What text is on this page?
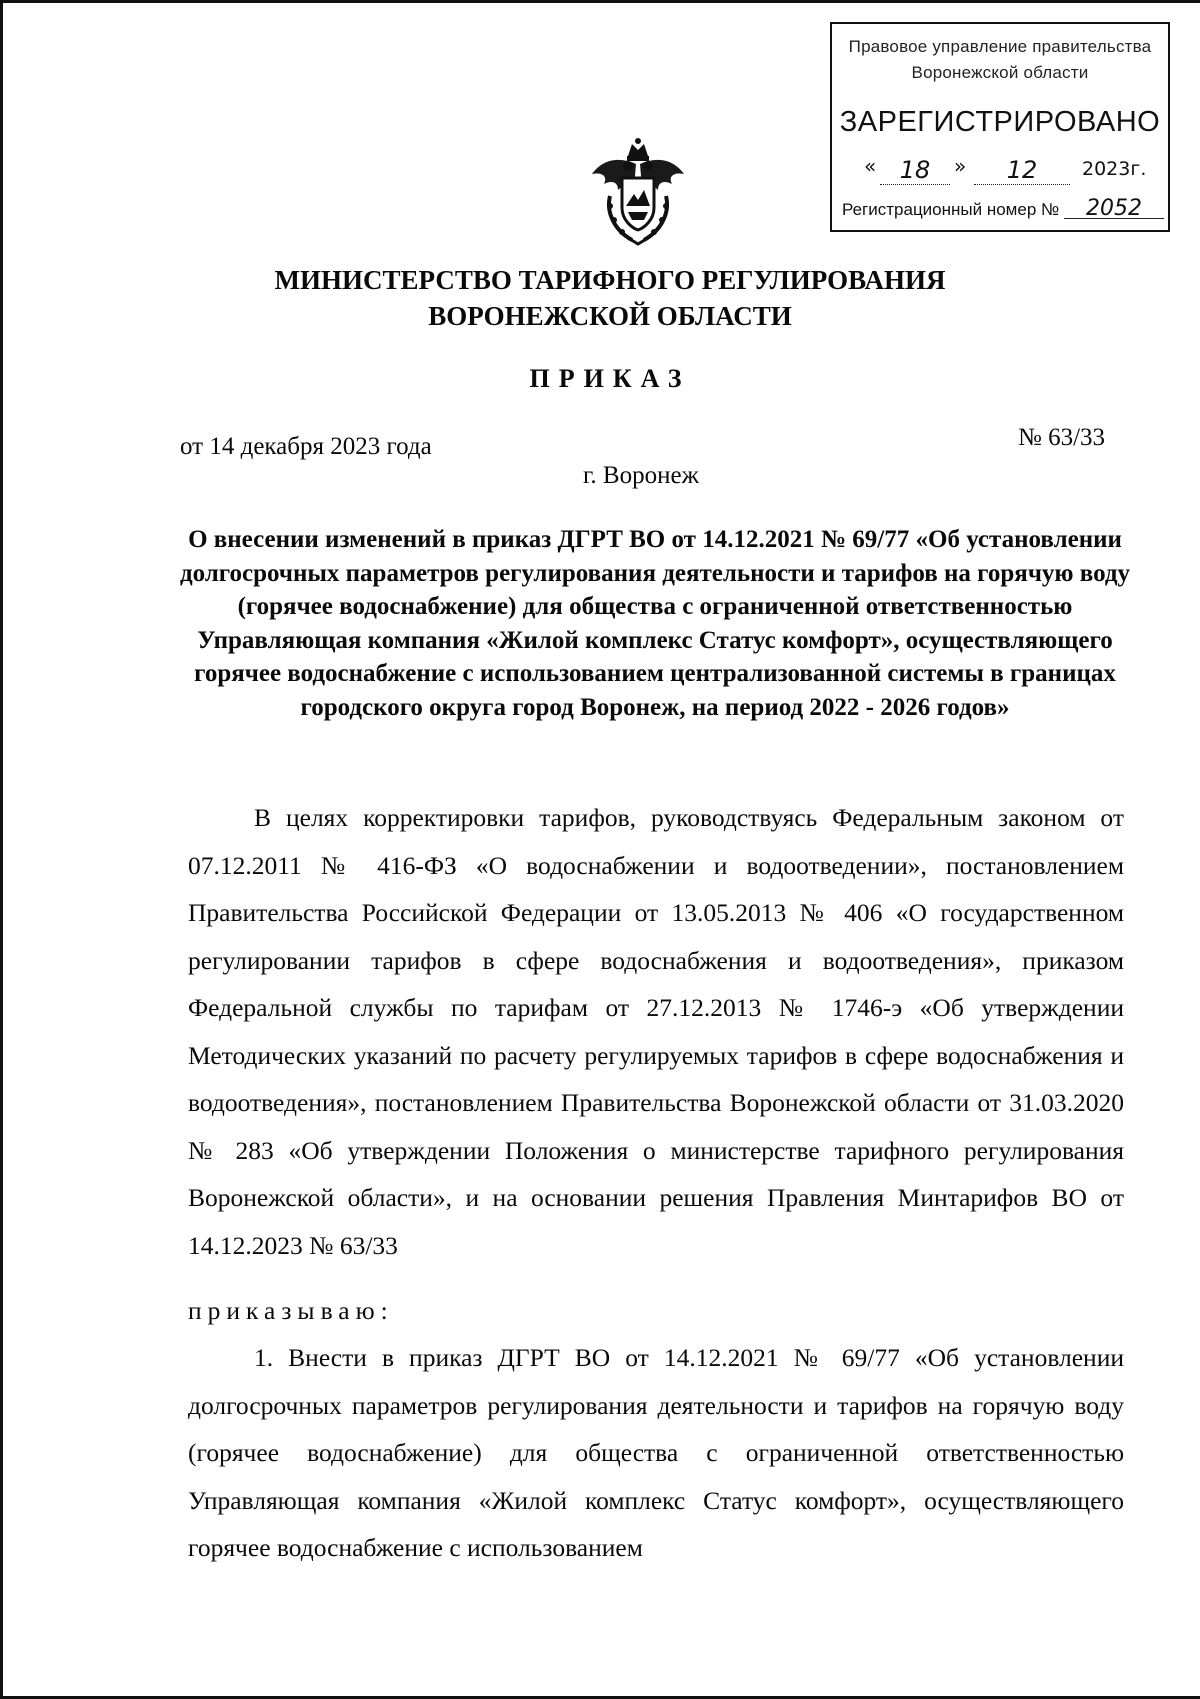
Правовое управление правительства
Воронежской области
ЗАРЕГИСТРИРОВАНО
« 18	»	12	2023г.
Регистрационный номер № 2052
МИНИСТЕРСТВО ТАРИФНОГО РЕГУЛИРОВАНИЯ
ВОРОНЕЖСКОЙ ОБЛАСТИ
ПРИКАЗ
от 14 декабря 2023 года	№ 63/33
г. Воронеж
О внесении изменений в приказ ДГРТ ВО от 14.12.2021 № 69/77 «Об установлении долгосрочных параметров регулирования деятельности и тарифов на горячую воду (горячее водоснабжение) для общества с ограниченной ответственностью Управляющая компания «Жилой комплекс Статус комфорт», осуществляющего горячее водоснабжение с использованием централизованной системы в границах городского округа город Воронеж, на период 2022 - 2026 годов»
В целях корректировки тарифов, руководствуясь Федеральным законом от 07.12.2011 № 416-ФЗ «О водоснабжении и водоотведении», постановлением Правительства Российской Федерации от 13.05.2013 № 406 «О государственном регулировании тарифов в сфере водоснабжения и водоотведения», приказом Федеральной службы по тарифам от 27.12.2013 № 1746-э «Об утверждении Методических указаний по расчету регулируемых тарифов в сфере водоснабжения и водоотведения», постановлением Правительства Воронежской области от 31.03.2020 № 283 «Об утверждении Положения о министерстве тарифного регулирования Воронежской области», и на основании решения Правления Минтарифов ВО от 14.12.2023 № 63/33
приказываю:
1. Внести в приказ ДГРТ ВО от 14.12.2021 № 69/77 «Об установлении долгосрочных параметров регулирования деятельности и тарифов на горячую воду (горячее водоснабжение) для общества с ограниченной ответственностью Управляющая компания «Жилой комплекс Статус комфорт», осуществляющего горячее водоснабжение с использованием
